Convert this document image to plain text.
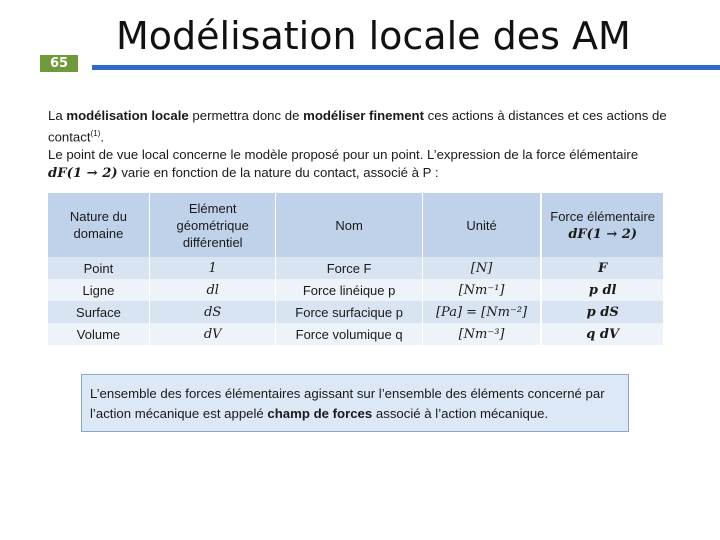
65
Modélisation locale des AM
La modélisation locale permettra donc de modéliser finement ces actions à distances et ces actions de contact$^{(1)}$.
Le point de vue local concerne le modèle proposé pour un point. L’expression de la force élémentaire dF(1 → 2) varie en fonction de la nature du contact, associé à P :
Nature du domaine	Elément géométrique différentiel	Nom	Unité	Force élémentaire
dF(1 → 2)
Point	1	Force F	[N]	F
Ligne	dl	Force linéique p	[Nm⁻¹]	p dl
Surface	dS	Force surfacique p	[Pa] = [Nm⁻²]	p dS
Volume	dV	Force volumique q	[Nm⁻³]	q dV
L’ensemble des forces élémentaires agissant sur l’ensemble des éléments concerné par l’action mécanique est appelé champ de forces associé à l’action mécanique.
